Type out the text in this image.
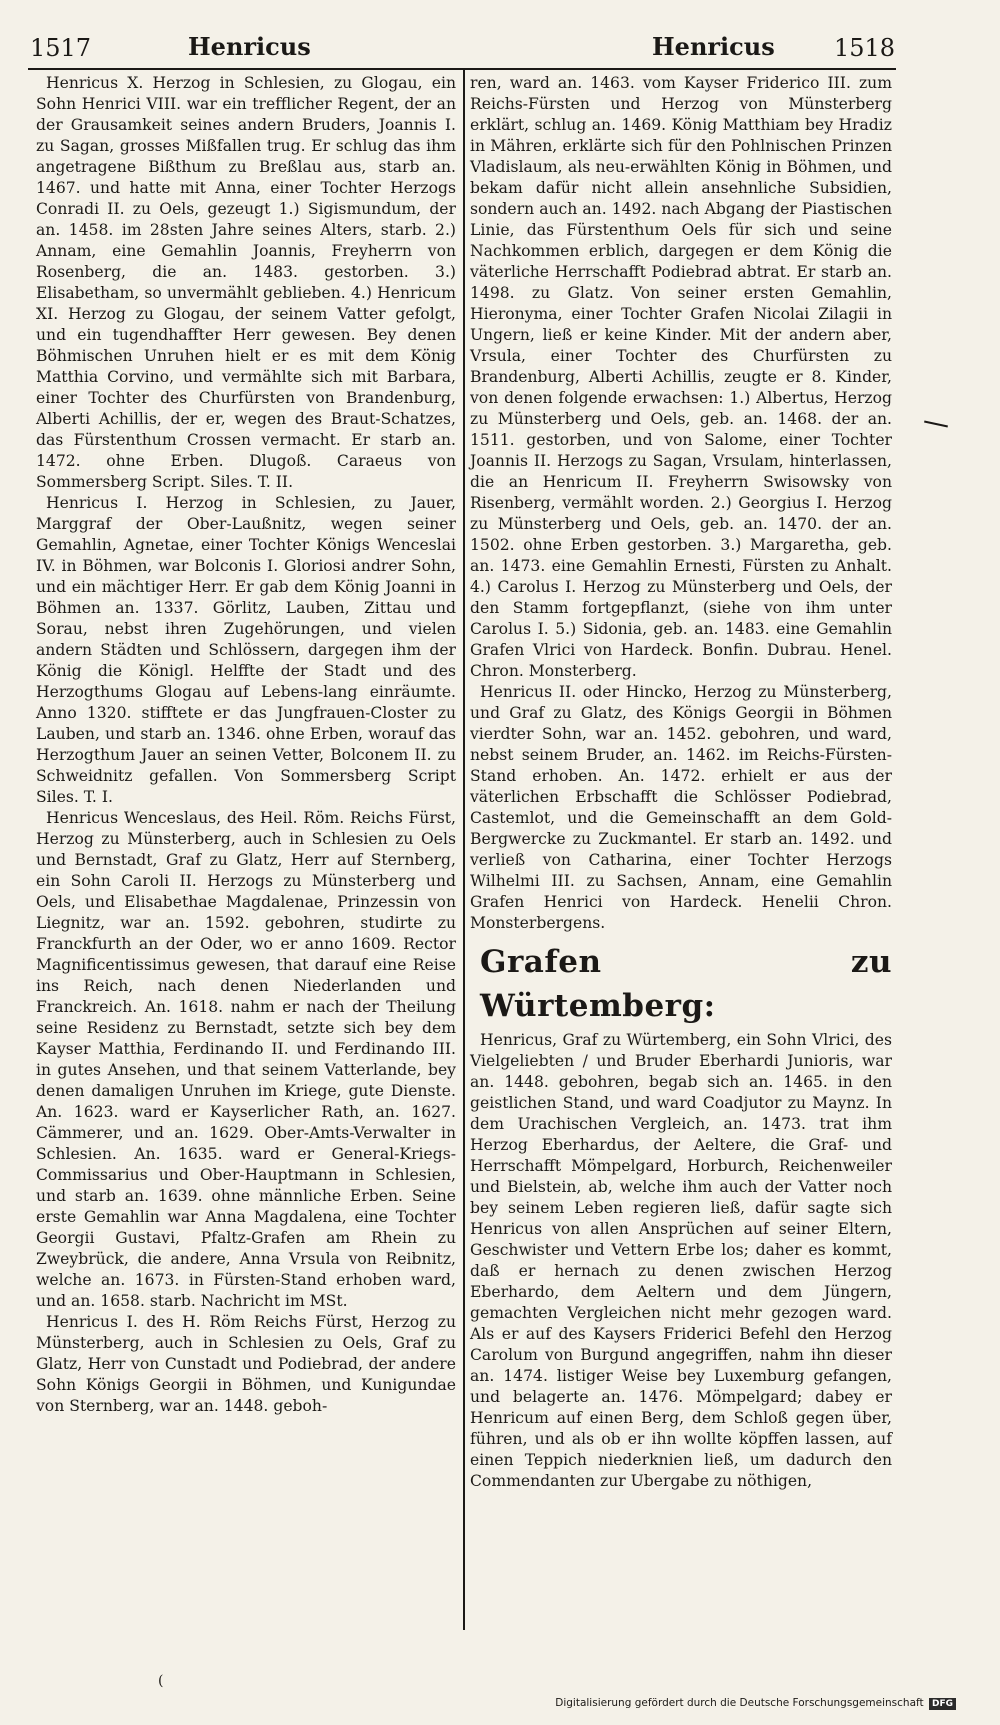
1517	Henricus	Henricus 1518

Henricus X. Herzog in Schlesien, zu Glogau, ein Sohn Henrici VIII. war ein trefflicher Regent, der an der Grausamkeit seines andern Bruders, Joannis I. zu Sagan, grosses Mißfallen trug. Er schlug das ihm angetragene Bißthum zu Breßlau aus, starb an. 1467. und hatte mit Anna, einer Tochter Herzogs Conradi II. zu Oels, gezeugt 1.) Sigismundum, der an. 1458. im 28sten Jahre seines Alters, starb. 2.) Annam, eine Gemahlin Joannis, Freyherrn von Rosenberg, die an. 1483. gestorben. 3.) Elisabetham, so unvermählt geblieben. 4.) Henricum XI. Herzog zu Glogau, der seinem Vatter gefolgt, und ein tugendhaffter Herr gewesen. Bey denen Böhmischen Unruhen hielt er es mit dem König Matthia Corvino, und vermählte sich mit Barbara, einer Tochter des Churfürsten von Brandenburg, Alberti Achillis, der er, wegen des Braut-Schatzes, das Fürstenthum Crossen vermacht. Er starb an. 1472. ohne Erben. Dlugoß. Caraeus von Sommersberg Script. Siles. T. II.

Henricus I. Herzog in Schlesien, zu Jauer, Marggraf der Ober-Laußnitz, wegen seiner Gemahlin, Agnetae, einer Tochter Königs Wenceslai IV. in Böhmen, war Bolconis I. Gloriosi andrer Sohn, und ein mächtiger Herr. Er gab dem König Joanni in Böhmen an. 1337. Görlitz, Lauben, Zittau und Sorau, nebst ihren Zugehörungen, und vielen andern Städten und Schlössern, dargegen ihm der König die Königl. Helffte der Stadt und des Herzogthums Glogau auf Lebens-lang einräumte. Anno 1320. stifftete er das Jungfrauen-Closter zu Lauben, und starb an. 1346. ohne Erben, worauf das Herzogthum Jauer an seinen Vetter, Bolconem II. zu Schweidnitz gefallen. Von Sommersberg Script Siles. T. I.

Henricus Wenceslaus, des Heil. Röm. Reichs Fürst, Herzog zu Münsterberg, auch in Schlesien zu Oels und Bernstadt, Graf zu Glatz, Herr auf Sternberg, ein Sohn Caroli II. Herzogs zu Münsterberg und Oels, und Elisabethae Magdalenae, Prinzessin von Liegnitz, war an. 1592. gebohren, studirte zu Franckfurth an der Oder, wo er anno 1609. Rector Magnificentissimus gewesen, that darauf eine Reise ins Reich, nach denen Niederlanden und Franckreich. An. 1618. nahm er nach der Theilung seine Residenz zu Bernstadt, setzte sich bey dem Kayser Matthia, Ferdinando II. und Ferdinando III. in gutes Ansehen, und that seinem Vatterlande, bey denen damaligen Unruhen im Kriege, gute Dienste. An. 1623. ward er Kayserlicher Rath, an. 1627. Cämmerer, und an. 1629. Ober-Amts-Verwalter in Schlesien. An. 1635. ward er General-Kriegs-Commissarius und Ober-Hauptmann in Schlesien, und starb an. 1639. ohne männliche Erben. Seine erste Gemahlin war Anna Magdalena, eine Tochter Georgii Gustavi, Pfaltz-Grafen am Rhein zu Zweybrück, die andere, Anna Vrsula von Reibnitz, welche an. 1673. in Fürsten-Stand erhoben ward, und an. 1658. starb. Nachricht im MSt.

Henricus I. des H. Röm Reichs Fürst, Herzog zu Münsterberg, auch in Schlesien zu Oels, Graf zu Glatz, Herr von Cunstadt und Podiebrad, der andere Sohn Königs Georgii in Böhmen, und Kunigundae von Sternberg, war an. 1448. geboh-

ren, ward an. 1463. vom Kayser Friderico III. zum Reichs-Fürsten und Herzog von Münsterberg erklärt, schlug an. 1469. König Matthiam bey Hradiz in Mähren, erklärte sich für den Pohlnischen Prinzen Vladislaum, als neu-erwählten König in Böhmen, und bekam dafür nicht allein ansehnliche Subsidien, sondern auch an. 1492. nach Abgang der Piastischen Linie, das Fürstenthum Oels für sich und seine Nachkommen erblich, dargegen er dem König die väterliche Herrschafft Podiebrad abtrat. Er starb an. 1498. zu Glatz. Von seiner ersten Gemahlin, Hieronyma, einer Tochter Grafen Nicolai Zilagii in Ungern, ließ er keine Kinder. Mit der andern aber, Vrsula, einer Tochter des Churfürsten zu Brandenburg, Alberti Achillis, zeugte er 8. Kinder, von denen folgende erwachsen: 1.) Albertus, Herzog zu Münsterberg und Oels, geb. an. 1468. der an. 1511. gestorben, und von Salome, einer Tochter Joannis II. Herzogs zu Sagan, Vrsulam, hinterlassen, die an Henricum II. Freyherrn Swisowsky von Risenberg, vermählt worden. 2.) Georgius I. Herzog zu Münsterberg und Oels, geb. an. 1470. der an. 1502. ohne Erben gestorben. 3.) Margaretha, geb. an. 1473. eine Gemahlin Ernesti, Fürsten zu Anhalt. 4.) Carolus I. Herzog zu Münsterberg und Oels, der den Stamm fortgepflanzt, (siehe von ihm unter Carolus I. 5.) Sidonia, geb. an. 1483. eine Gemahlin Grafen Vlrici von Hardeck. Bonfin. Dubrau. Henel. Chron. Monsterberg.

Henricus II. oder Hincko, Herzog zu Münsterberg, und Graf zu Glatz, des Königs Georgii in Böhmen vierdter Sohn, war an. 1452. gebohren, und ward, nebst seinem Bruder, an. 1462. im Reichs-Fürsten-Stand erhoben. An. 1472. erhielt er aus der väterlichen Erbschafft die Schlösser Podiebrad, Castemlot, und die Gemeinschafft an dem Gold-Bergwercke zu Zuckmantel. Er starb an. 1492. und verließ von Catharina, einer Tochter Herzogs Wilhelmi III. zu Sachsen, Annam, eine Gemahlin Grafen Henrici von Hardeck. Henelii Chron. Monsterbergens.

Grafen zu Würtemberg:

Henricus, Graf zu Würtemberg, ein Sohn Vlrici, des Vielgeliebten / und Bruder Eberhardi Junioris, war an. 1448. gebohren, begab sich an. 1465. in den geistlichen Stand, und ward Coadjutor zu Maynz. In dem Urachischen Vergleich, an. 1473. trat ihm Herzog Eberhardus, der Aeltere, die Graf- und Herrschafft Mömpelgard, Horburch, Reichenweiler und Bielstein, ab, welche ihm auch der Vatter noch bey seinem Leben regieren ließ, dafür sagte sich Henricus von allen Ansprüchen auf seiner Eltern, Geschwister und Vettern Erbe los; daher es kommt, daß er hernach zu denen zwischen Herzog Eberhardo, dem Aeltern und dem Jüngern, gemachten Vergleichen nicht mehr gezogen ward. Als er auf des Kaysers Friderici Befehl den Herzog Carolum von Burgund angegriffen, nahm ihn dieser an. 1474. listiger Weise bey Luxemburg gefangen, und belagerte an. 1476. Mömpelgard; dabey er Henricum auf einen Berg, dem Schloß gegen über, führen, und als ob er ihn wollte köpffen lassen, auf einen Teppich niederknien ließ, um dadurch den Commendanten zur Ubergabe zu nöthigen,

(
Digitalisierung gefördert durch die Deutsche Forschungsgemeinschaft DFG
